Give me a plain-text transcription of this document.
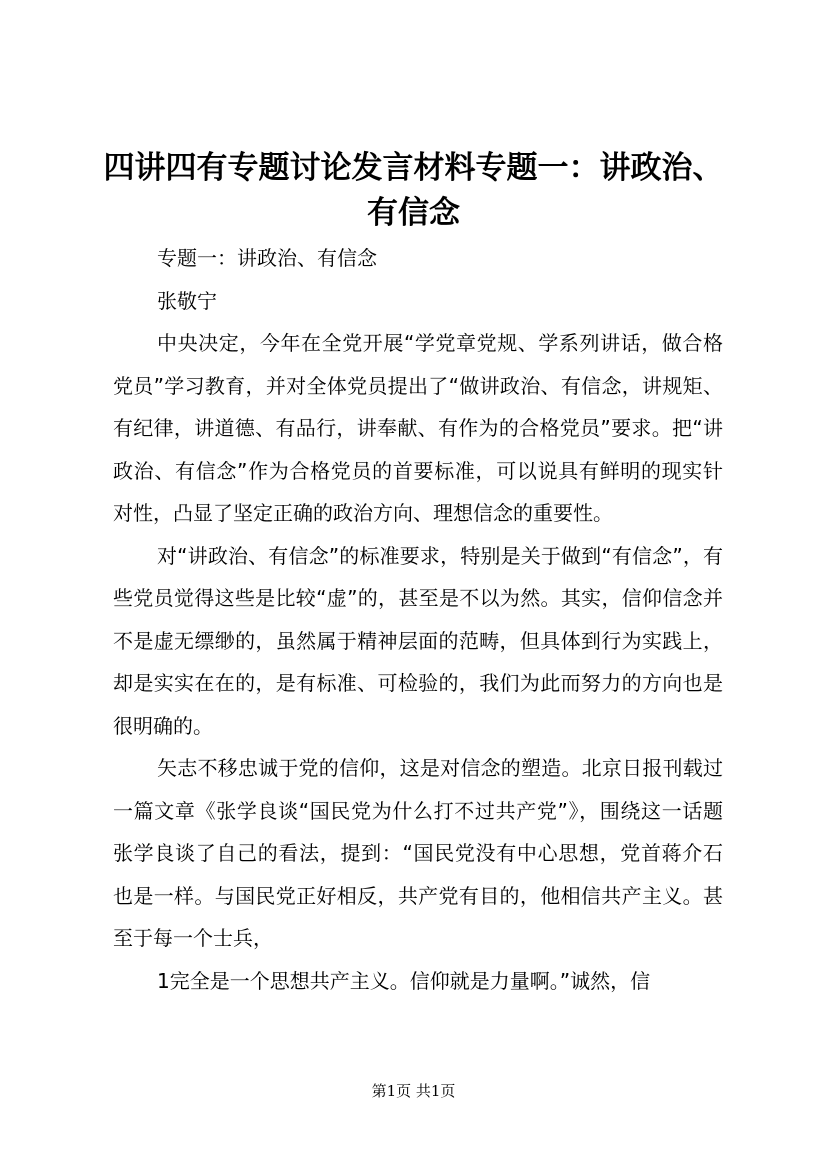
四讲四有专题讨论发言材料专题一：讲政治、有信念

专题一：讲政治、有信念

张敬宁

中央决定，今年在全党开展“学党章党规、学系列讲话，做合格党员”学习教育，并对全体党员提出了“做讲政治、有信念，讲规矩、有纪律，讲道德、有品行，讲奉献、有作为的合格党员”要求。把“讲政治、有信念”作为合格党员的首要标准，可以说具有鲜明的现实针对性，凸显了坚定正确的政治方向、理想信念的重要性。

对“讲政治、有信念”的标准要求，特别是关于做到“有信念”，有些党员觉得这些是比较“虚”的，甚至是不以为然。其实，信仰信念并不是虚无缥缈的，虽然属于精神层面的范畴，但具体到行为实践上，却是实实在在的，是有标准、可检验的，我们为此而努力的方向也是很明确的。

矢志不移忠诚于党的信仰，这是对信念的塑造。北京日报刊载过一篇文章《张学良谈“国民党为什么打不过共产党”》，围绕这一话题张学良谈了自己的看法，提到：“国民党没有中心思想，党首蒋介石也是一样。与国民党正好相反，共产党有目的，他相信共产主义。甚至于每一个士兵，

1完全是一个思想共产主义。信仰就是力量啊。”诚然，信

第1页 共1页
